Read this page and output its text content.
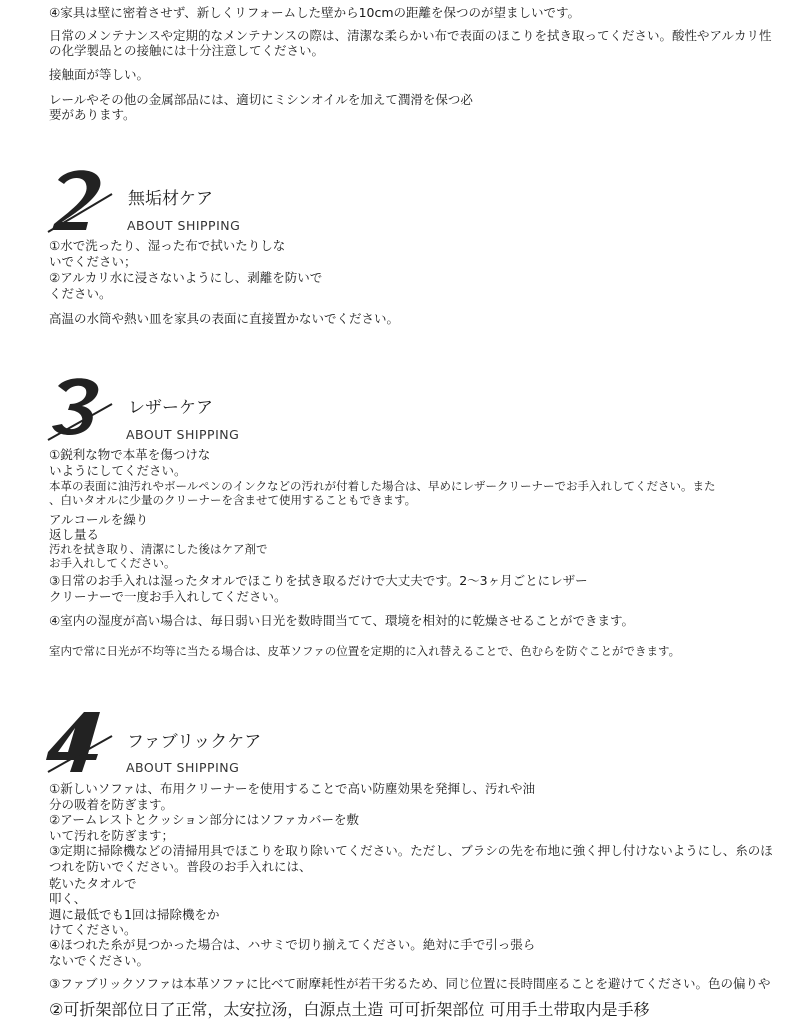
④家具は壁に密着させず、新しくリフォームした壁から10cmの距離を保つのが望ましいです。

日常のメンテナンスや定期的なメンテナンスの際は、清潔な柔らかい布で表面のほこりを拭き取ってください。酸性やアルカリ性

の化学製品との接触には十分注意してください。

接触面が等しい。

レールやその他の金属部品には、適切にミシンオイルを加えて潤滑を保つ必

要があります。

無垢材ケア

ABOUT SHIPPING

①水で洗ったり、湿った布で拭いたりしな

いでください；

②アルカリ水に浸さないようにし、剥離を防いで

ください。

高温の水筒や熱い皿を家具の表面に直接置かないでください。

レザーケア

ABOUT SHIPPING

①鋭利な物で本革を傷つけな

いようにしてください。

本革の表面に油汚れやボールペンのインクなどの汚れが付着した場合は、早めにレザークリーナーでお手入れしてください。また

、白いタオルに少量のクリーナーを含ませて使用することもできます。

アルコールを繰り

返し量る

汚れを拭き取り、清潔にした後はケア剤で

お手入れしてください。

③日常のお手入れは湿ったタオルでほこりを拭き取るだけで大丈夫です。2〜3ヶ月ごとにレザー

クリーナーで一度お手入れしてください。

④室内の湿度が高い場合は、毎日弱い日光を数時間当てて、環境を相対的に乾燥させることができます。

室内で常に日光が不均等に当たる場合は、皮革ソファの位置を定期的に入れ替えることで、色むらを防ぐことができます。

ファブリックケア

ABOUT SHIPPING

①新しいソファは、布用クリーナーを使用することで高い防塵効果を発揮し、汚れや油

分の吸着を防ぎます。

②アームレストとクッション部分にはソファカバーを敷

いて汚れを防ぎます；

③定期に掃除機などの清掃用具でほこりを取り除いてください。ただし、ブラシの先を布地に強く押し付けないようにし、糸のほ

つれを防いでください。普段のお手入れには、

乾いたタオルで

叩く、

週に最低でも1回は掃除機をか

けてください。

④ほつれた糸が見つかった場合は、ハサミで切り揃えてください。絶対に手で引っ張ら

ないでください。

③ファブリックソファは本革ソファに比べて耐摩耗性が若干劣るため、同じ位置に長時間座ることを避けてください。色の偏りや

②可折架部位日了正常，太安拉汤，白源点土造 可可折架部位 可用手土带取内是手移
